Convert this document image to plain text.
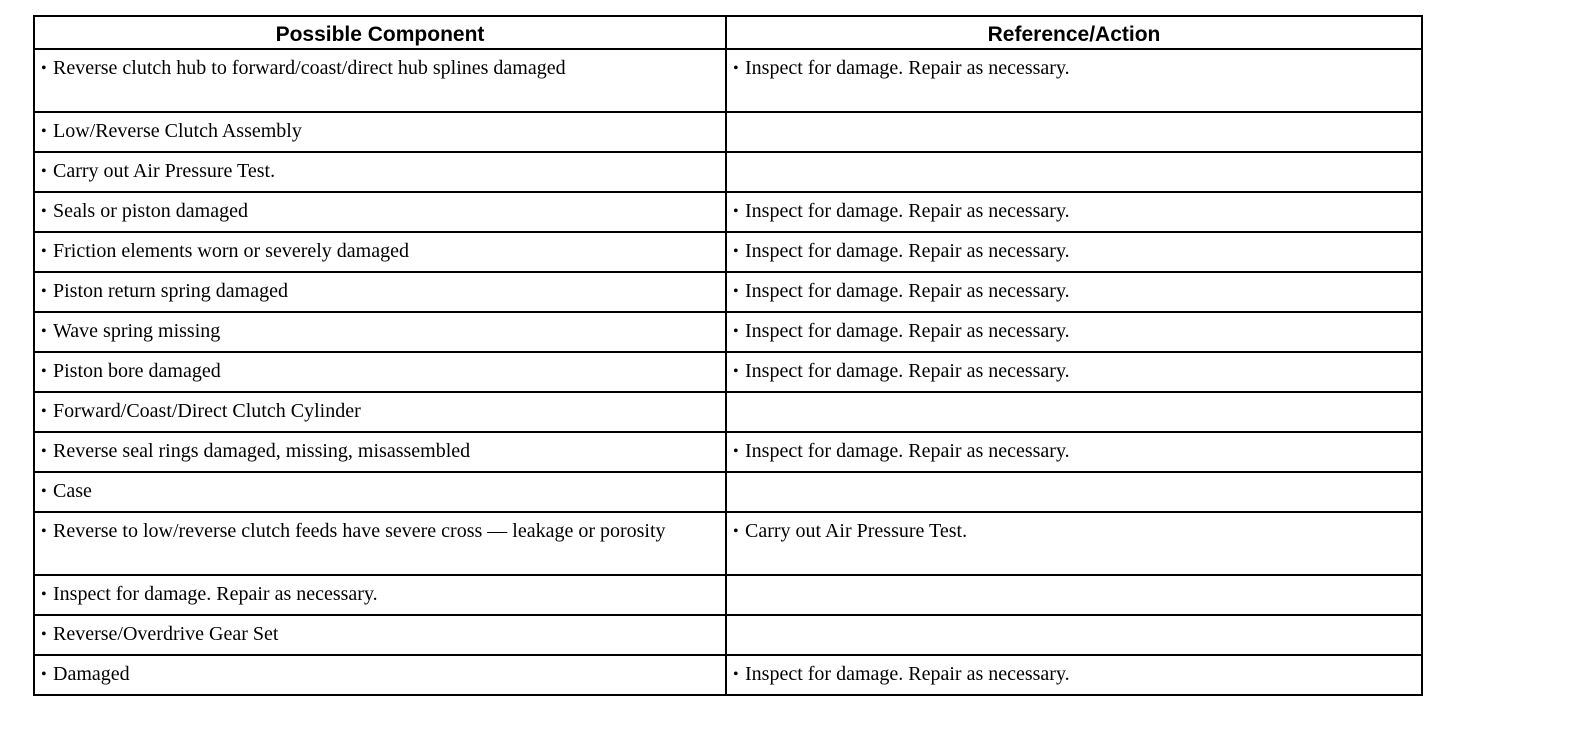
Possible Component	Reference/Action
• Reverse clutch hub to forward/coast/direct hub splines damaged	• Inspect for damage. Repair as necessary.
• Low/Reverse Clutch Assembly	
• Carry out Air Pressure Test.	
• Seals or piston damaged	• Inspect for damage. Repair as necessary.
• Friction elements worn or severely damaged	• Inspect for damage. Repair as necessary.
• Piston return spring damaged	• Inspect for damage. Repair as necessary.
• Wave spring missing	• Inspect for damage. Repair as necessary.
• Piston bore damaged	• Inspect for damage. Repair as necessary.
• Forward/Coast/Direct Clutch Cylinder	
• Reverse seal rings damaged, missing, misassembled	• Inspect for damage. Repair as necessary.
• Case	
• Reverse to low/reverse clutch feeds have severe cross — leakage or porosity	• Carry out Air Pressure Test.
• Inspect for damage. Repair as necessary.	
• Reverse/Overdrive Gear Set	
• Damaged	• Inspect for damage. Repair as necessary.
